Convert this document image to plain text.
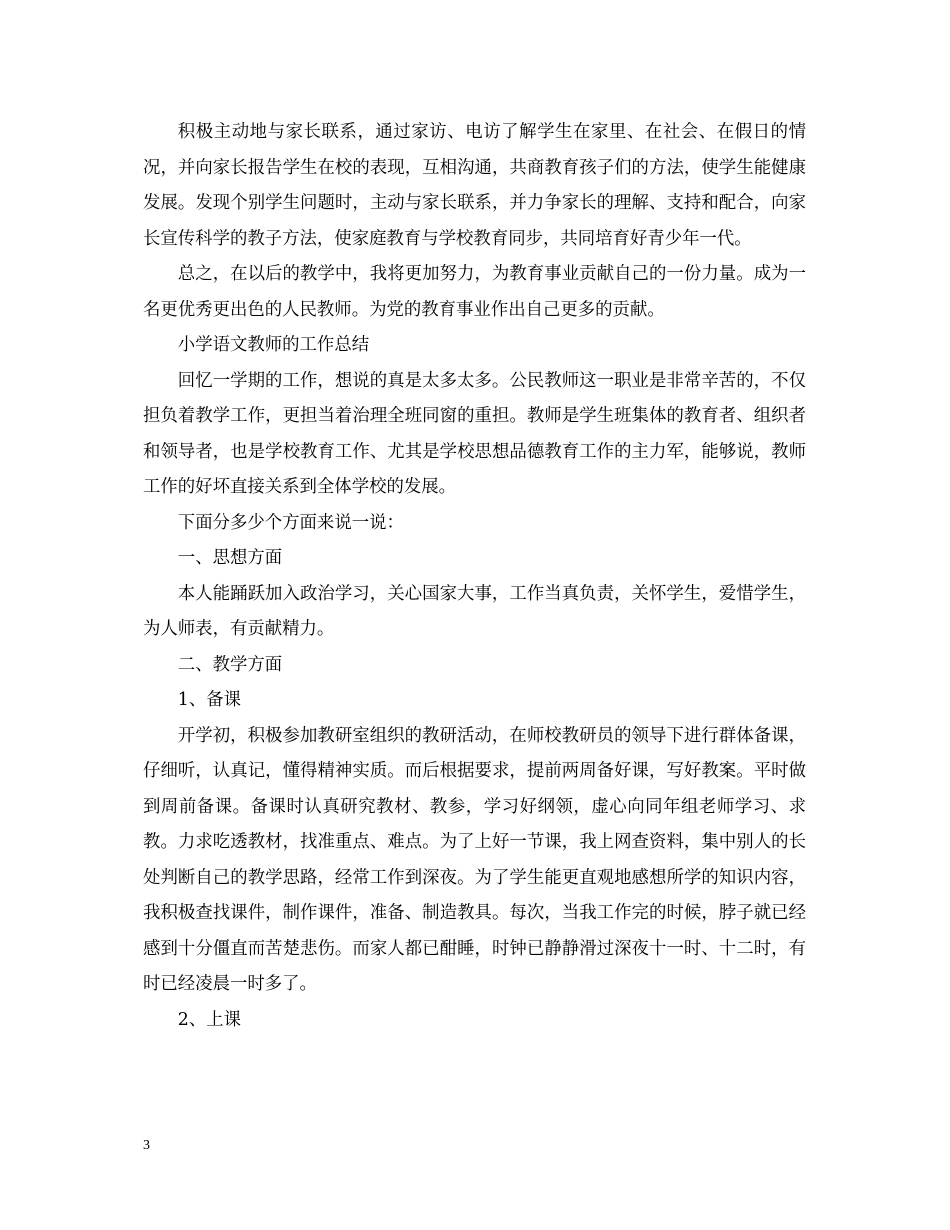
积极主动地与家长联系，通过家访、电访了解学生在家里、在社会、在假日的情况，并向家长报告学生在校的表现，互相沟通，共商教育孩子们的方法，使学生能健康发展。发现个别学生问题时，主动与家长联系，并力争家长的理解、支持和配合，向家长宣传科学的教子方法，使家庭教育与学校教育同步，共同培育好青少年一代。

总之，在以后的教学中，我将更加努力，为教育事业贡献自己的一份力量。成为一名更优秀更出色的人民教师。为党的教育事业作出自己更多的贡献。

小学语文教师的工作总结

回忆一学期的工作，想说的真是太多太多。公民教师这一职业是非常辛苦的，不仅担负着教学工作，更担当着治理全班同窗的重担。教师是学生班集体的教育者、组织者和领导者，也是学校教育工作、尤其是学校思想品德教育工作的主力军，能够说，教师工作的好坏直接关系到全体学校的发展。

下面分多少个方面来说一说：

一、思想方面

本人能踊跃加入政治学习，关心国家大事，工作当真负责，关怀学生，爱惜学生，为人师表，有贡献精力。

二、教学方面

1、备课

开学初，积极参加教研室组织的教研活动，在师校教研员的领导下进行群体备课，仔细听，认真记，懂得精神实质。而后根据要求，提前两周备好课，写好教案。平时做到周前备课。备课时认真研究教材、教参，学习好纲领，虚心向同年组老师学习、求教。力求吃透教材，找准重点、难点。为了上好一节课，我上网查资料，集中别人的长处判断自己的教学思路，经常工作到深夜。为了学生能更直观地感想所学的知识内容，我积极查找课件，制作课件，准备、制造教具。每次，当我工作完的时候，脖子就已经感到十分僵直而苦楚悲伤。而家人都已酣睡，时钟已静静滑过深夜十一时、十二时，有时已经凌晨一时多了。

2、上课

3
